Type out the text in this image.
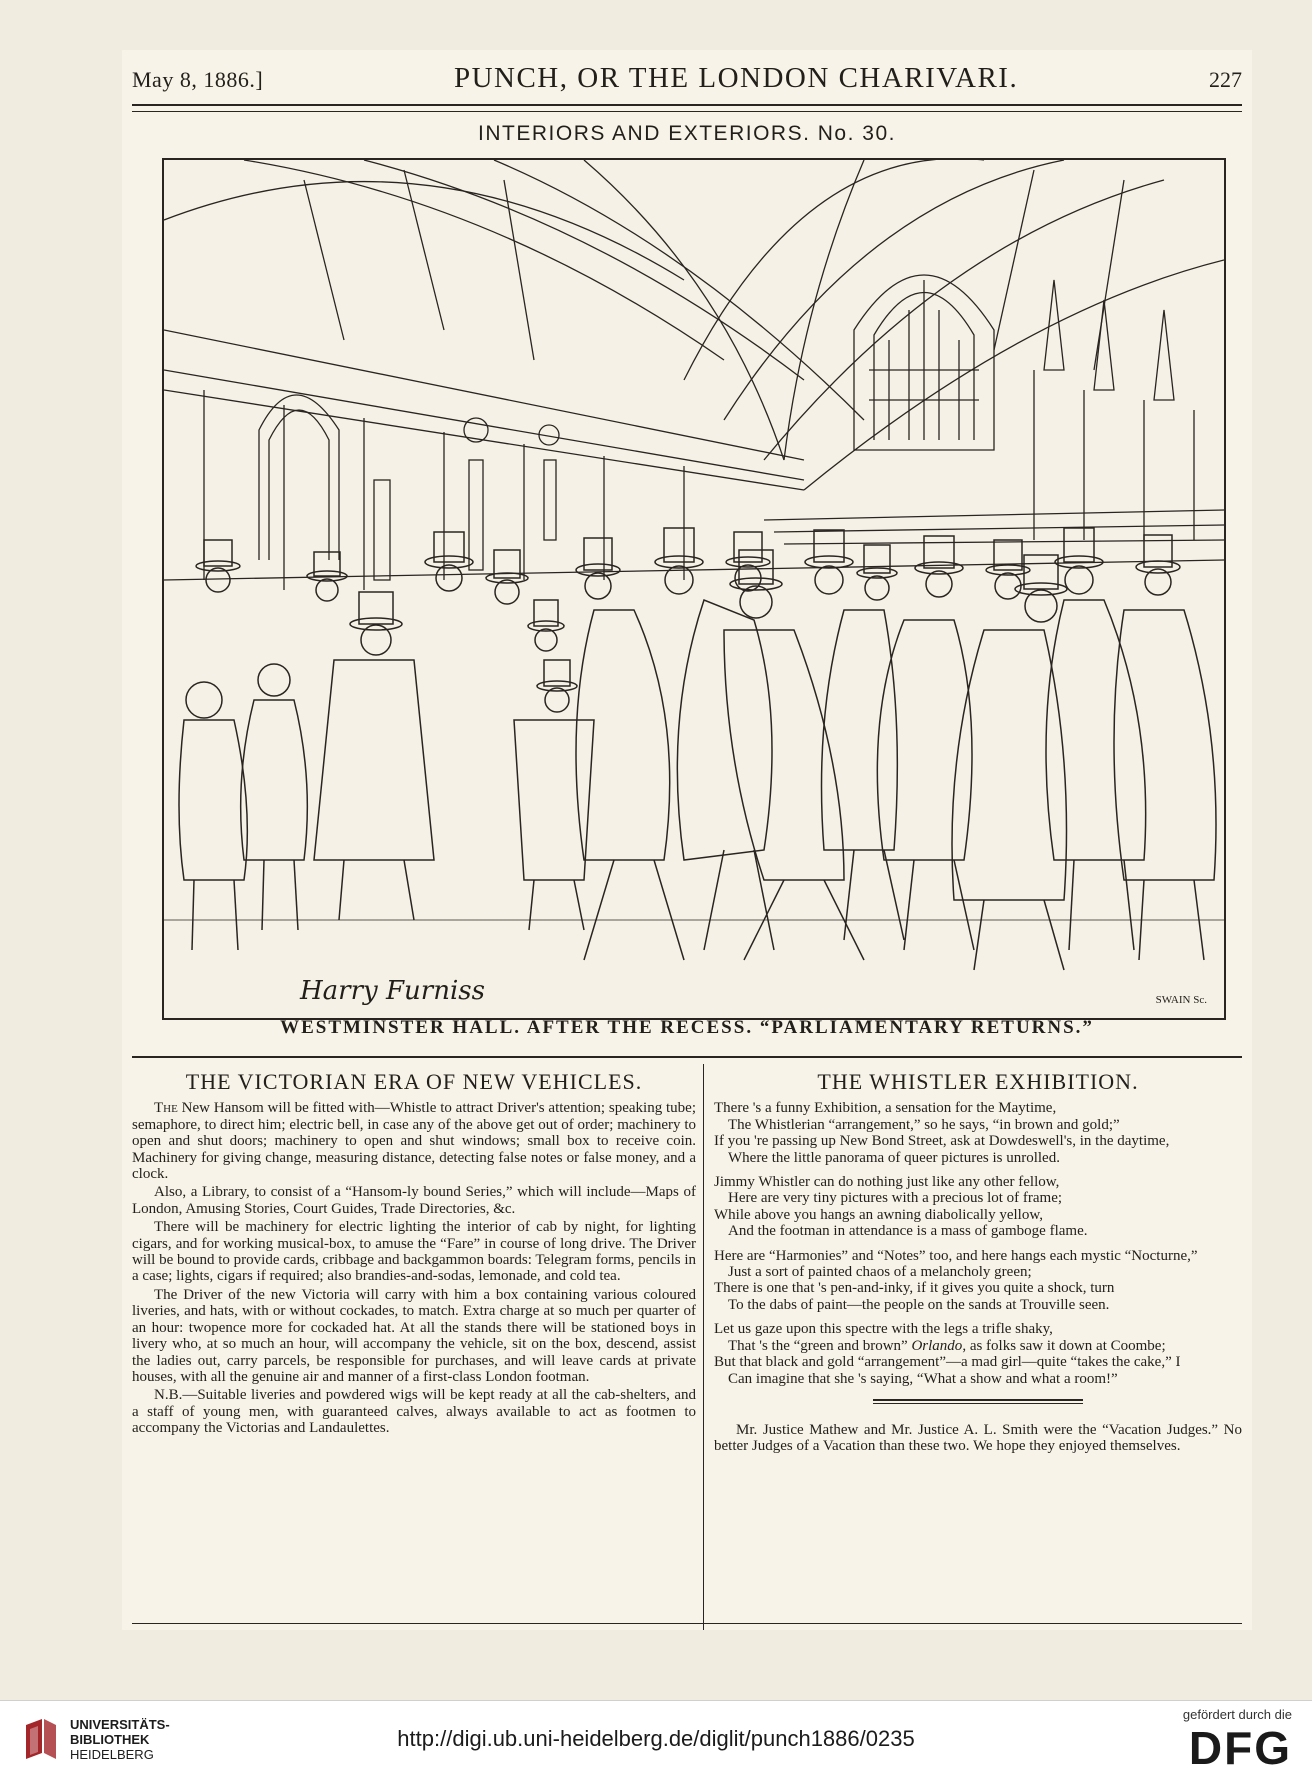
May 8, 1886.]	PUNCH, OR THE LONDON CHARIVARI.	227
INTERIORS AND EXTERIORS. No. 30.
Harry Furniss	SWAIN Sc.
WESTMINSTER HALL. AFTER THE RECESS. “PARLIAMENTARY RETURNS.”
THE VICTORIAN ERA OF NEW VEHICLES.

The New Hansom will be fitted with—Whistle to attract Driver's attention; speaking tube; semaphore, to direct him; electric bell, in case any of the above get out of order; machinery to open and shut doors; machinery to open and shut windows; small box to receive coin. Machinery for giving change, measuring distance, detecting false notes or false money, and a clock.

Also, a Library, to consist of a “Hansom-ly bound Series,” which will include—Maps of London, Amusing Stories, Court Guides, Trade Directories, &c.

There will be machinery for electric lighting the interior of cab by night, for lighting cigars, and for working musical-box, to amuse the “Fare” in course of long drive. The Driver will be bound to provide cards, cribbage and backgammon boards: Telegram forms, pencils in a case; lights, cigars if required; also brandies-and-sodas, lemonade, and cold tea.

The Driver of the new Victoria will carry with him a box containing various coloured liveries, and hats, with or without cockades, to match. Extra charge at so much per quarter of an hour: twopence more for cockaded hat. At all the stands there will be stationed boys in livery who, at so much an hour, will accompany the vehicle, sit on the box, descend, assist the ladies out, carry parcels, be responsible for purchases, and will leave cards at private houses, with all the genuine air and manner of a first-class London footman.

N.B.—Suitable liveries and powdered wigs will be kept ready at all the cab-shelters, and a staff of young men, with guaranteed calves, always available to act as footmen to accompany the Victorias and Landaulettes.

THE WHISTLER EXHIBITION.

There 's a funny Exhibition, a sensation for the Maytime,

The Whistlerian “arrangement,” so he says, “in brown and gold;”

If you 're passing up New Bond Street, ask at Dowdeswell's, in the daytime,

Where the little panorama of queer pictures is unrolled.

Jimmy Whistler can do nothing just like any other fellow,

Here are very tiny pictures with a precious lot of frame;

While above you hangs an awning diabolically yellow,

And the footman in attendance is a mass of gamboge flame.

Here are “Harmonies” and “Notes” too, and here hangs each mystic “Nocturne,”

Just a sort of painted chaos of a melancholy green;

There is one that 's pen-and-inky, if it gives you quite a shock, turn

To the dabs of paint—the people on the sands at Trouville seen.

Let us gaze upon this spectre with the legs a trifle shaky,

That 's the “green and brown” Orlando, as folks saw it down at Coombe;

But that black and gold “arrangement”—a mad girl—quite “takes the cake,” I

Can imagine that she 's saying, “What a show and what a room!”

Mr. Justice Mathew and Mr. Justice A. L. Smith were the “Vacation Judges.” No better Judges of a Vacation than these two. We hope they enjoyed themselves.

UNIVERSITÄTS-
BIBLIOTHEK
HEIDELBERG
http://digi.ub.uni-heidelberg.de/diglit/punch1886/0235
gefördert durch die
DFG
